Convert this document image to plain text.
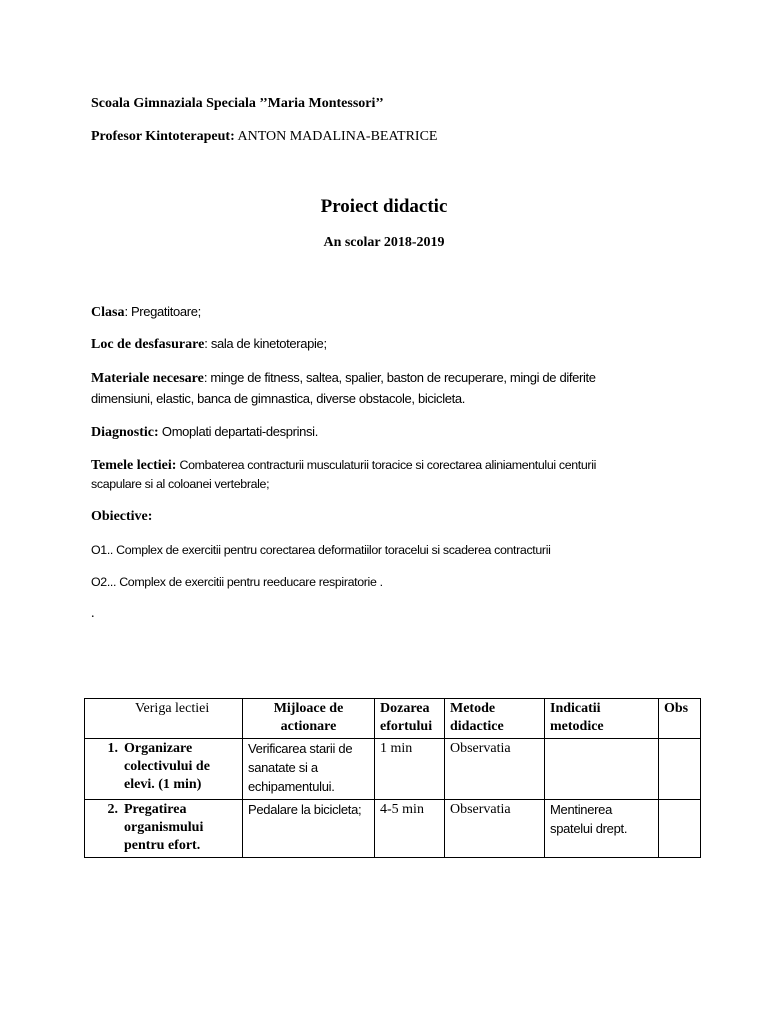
Scoala Gimnaziala Speciala ’’Maria Montessori’’
Profesor Kintoterapeut: ANTON MADALINA-BEATRICE
Proiect didactic
An scolar 2018-2019
Clasa: Pregatitoare;
Loc de desfasurare: sala de kinetoterapie;
Materiale necesare: minge de fitness, saltea, spalier, baston de recuperare, mingi de diferite
dimensiuni, elastic, banca de gimnastica, diverse obstacole, bicicleta.
Diagnostic: Omoplati departati-desprinsi.
Temele lectiei: Combaterea contracturii musculaturii toracice si corectarea aliniamentului centurii
scapulare si al coloanei vertebrale;
Obiective:
O1.. Complex de exercitii pentru corectarea deformatiilor toracelui si scaderea contracturii
O2... Complex de exercitii pentru reeducare respiratorie .
.
Veriga lectiei	Mijloace de actionare	Dozarea efortului	Metode didactice	Indicatii metodice	Obs
1. Organizare colectivului de elevi. (1 min)	Verificarea starii de sanatate si a echipamentului.	1 min	Observatia		
2. Pregatirea organismului pentru efort.	Pedalare la bicicleta;	4-5 min	Observatia	Mentinerea spatelui drept.	
